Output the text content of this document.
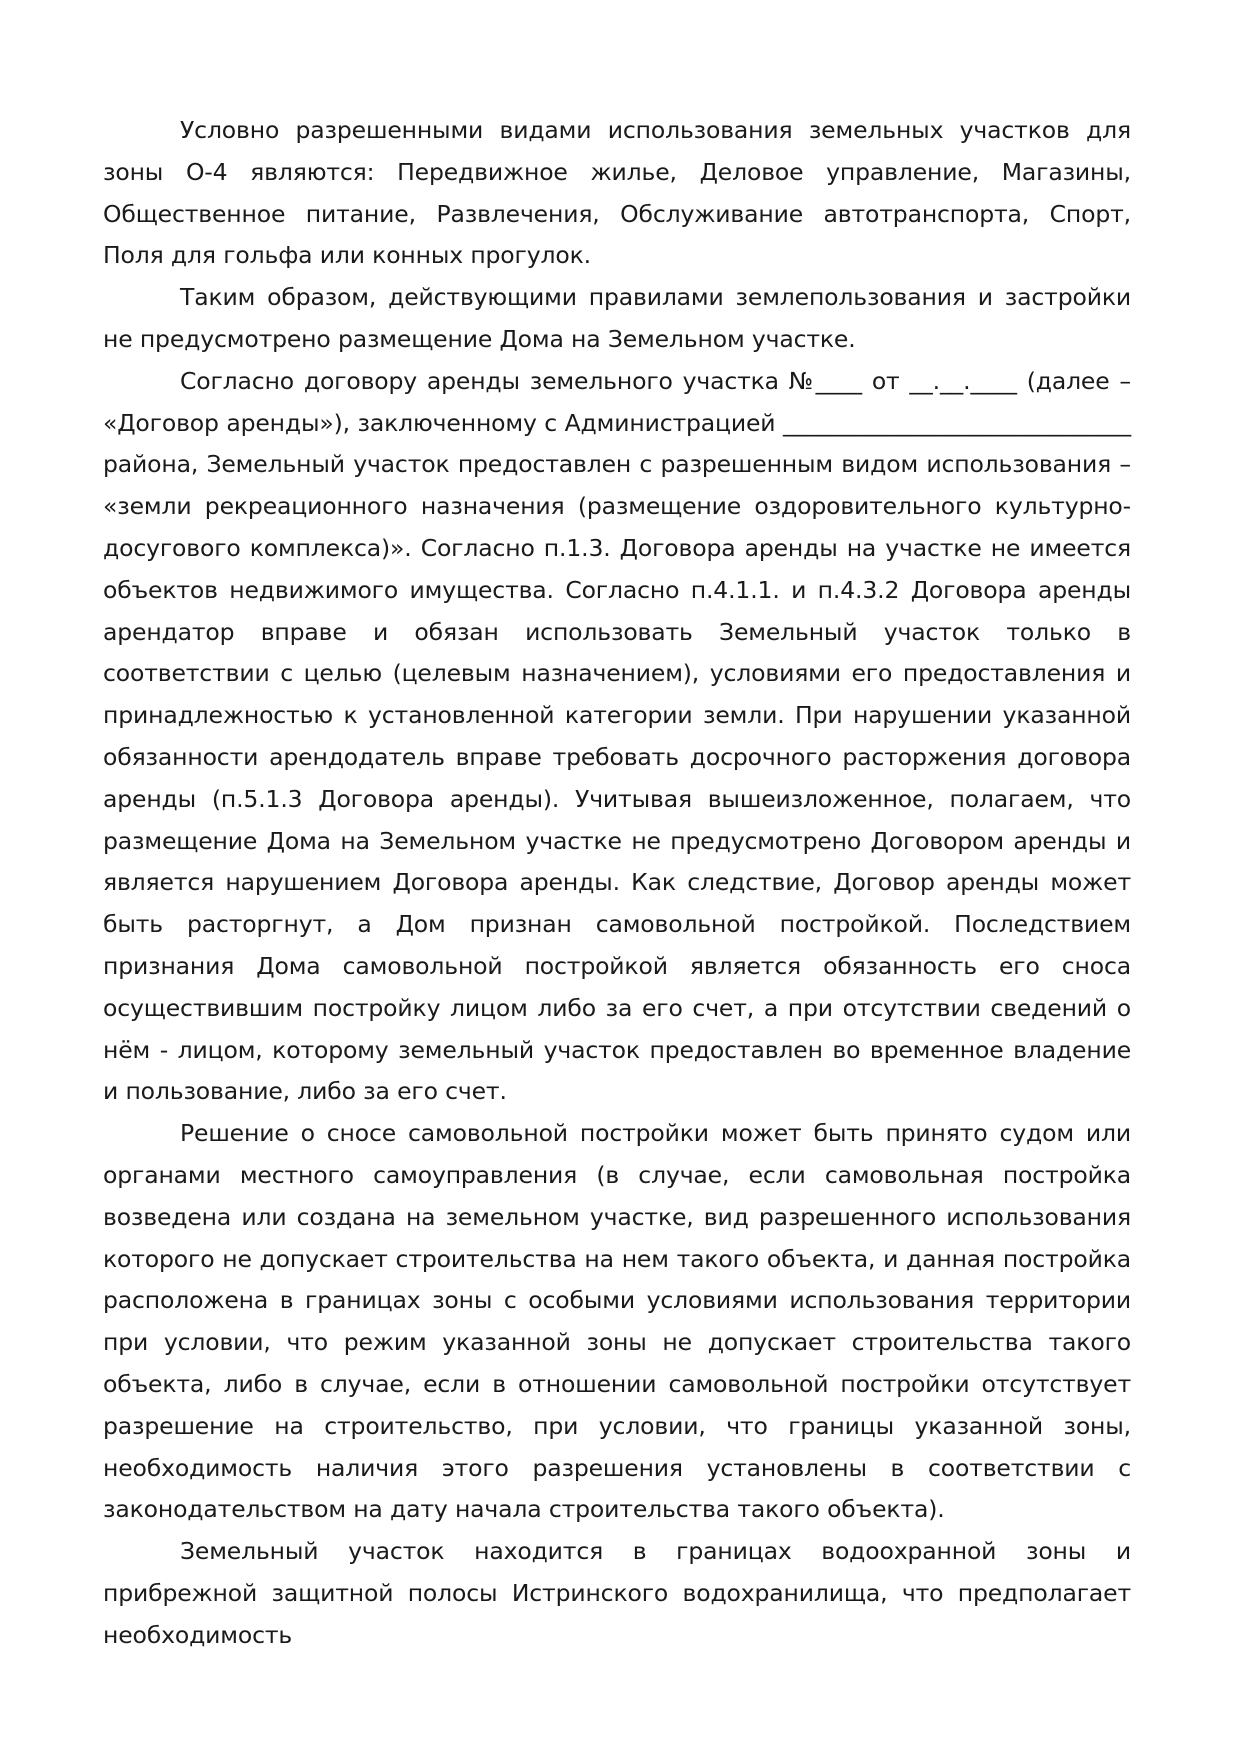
Условно разрешенными видами использования земельных участков для зоны О-4 являются: Передвижное жилье, Деловое управление, Магазины, Общественное питание, Развлечения, Обслуживание автотранспорта, Спорт, Поля для гольфа или конных прогулок.

Таким образом, действующими правилами землепользования и застройки не предусмотрено размещение Дома на Земельном участке.

Согласно договору аренды земельного участка №____ от __.__.____ (далее – «Договор аренды»), заключенному с Администрацией ______________________________ района, Земельный участок предоставлен с разрешенным видом использования – «земли рекреационного назначения (размещение оздоровительного культурно-досугового комплекса)». Согласно п.1.3. Договора аренды на участке не имеется объектов недвижимого имущества. Согласно п.4.1.1. и п.4.3.2 Договора аренды арендатор вправе и обязан использовать Земельный участок только в соответствии с целью (целевым назначением), условиями его предоставления и принадлежностью к установленной категории земли. При нарушении указанной обязанности арендодатель вправе требовать досрочного расторжения договора аренды (п.5.1.3 Договора аренды). Учитывая вышеизложенное, полагаем, что размещение Дома на Земельном участке не предусмотрено Договором аренды и является нарушением Договора аренды. Как следствие, Договор аренды может быть расторгнут, а Дом признан самовольной постройкой. Последствием признания Дома самовольной постройкой является обязанность его сноса осуществившим постройку лицом либо за его счет, а при отсутствии сведений о нём - лицом, которому земельный участок предоставлен во временное владение и пользование, либо за его счет.

Решение о сносе самовольной постройки может быть принято судом или органами местного самоуправления (в случае, если самовольная постройка возведена или создана на земельном участке, вид разрешенного использования которого не допускает строительства на нем такого объекта, и данная постройка расположена в границах зоны с особыми условиями использования территории при условии, что режим указанной зоны не допускает строительства такого объекта, либо в случае, если в отношении самовольной постройки отсутствует разрешение на строительство, при условии, что границы указанной зоны, необходимость наличия этого разрешения установлены в соответствии с законодательством на дату начала строительства такого объекта).

Земельный участок находится в границах водоохранной зоны и прибрежной защитной полосы Истринского водохранилища, что предполагает необходимость
